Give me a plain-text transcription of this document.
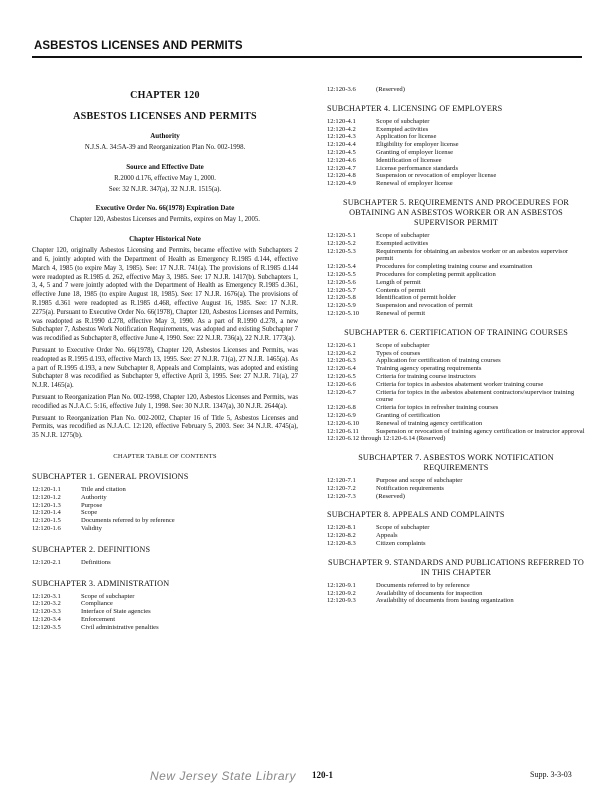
ASBESTOS LICENSES AND PERMITS
CHAPTER 120
ASBESTOS LICENSES AND PERMITS
Authority
N.J.S.A. 34:5A-39 and Reorganization Plan No. 002-1998.
Source and Effective Date
R.2000 d.176, effective May 1, 2000.
See: 32 N.J.R. 347(a), 32 N.J.R. 1515(a).
Executive Order No. 66(1978) Expiration Date
Chapter 120, Asbestos Licenses and Permits, expires on May 1, 2005.
Chapter Historical Note
Chapter 120, originally Asbestos Licensing and Permits, became effective with Subchapters 2 and 6, jointly adopted with the Department of Health as Emergency R.1985 d.144, effective March 4, 1985 (to expire May 3, 1985). See: 17 N.J.R. 741(a). The provisions of R.1985 d.144 were readopted as R.1985 d. 262, effective May 3, 1985. See: 17 N.J.R. 1417(b). Subchapters 1, 3, 4, 5 and 7 were jointly adopted with the Department of Health as Emergency R.1985 d.361, effective June 18, 1985 (to expire August 18, 1985). See: 17 N.J.R. 1676(a). The provisions of R.1985 d.361 were readopted as R.1985 d.468, effective August 16, 1985. See: 17 N.J.R. 2275(a). Pursuant to Executive Order No. 66(1978), Chapter 120, Asbestos Licenses and Permits, was readopted as R.1990 d.278, effective May 3, 1990. As a part of R.1990 d.278, a new Subchapter 7, Asbestos Work Notification Requirements, was adopted and existing Subchapter 7 was recodified as Subchapter 8, effective June 4, 1990. See: 22 N.J.R. 736(a), 22 N.J.R. 1773(a).
Pursuant to Executive Order No. 66(1978), Chapter 120, Asbestos Licenses and Permits, was readopted as R.1995 d.193, effective March 13, 1995. See: 27 N.J.R. 71(a), 27 N.J.R. 1465(a). As a part of R.1995 d.193, a new Subchapter 8, Appeals and Complaints, was adopted and existing Subchapter 8 was recodified as Subchapter 9, effective April 3, 1995. See: 27 N.J.R. 71(a), 27 N.J.R. 1465(a).
Pursuant to Reorganization Plan No. 002-1998, Chapter 120, Asbestos Licenses and Permits, was recodified as N.J.A.C. 5:16, effective July 1, 1998. See: 30 N.J.R. 1347(a), 30 N.J.R. 2644(a).
Pursuant to Reorganization Plan No. 002-2002, Chapter 16 of Title 5, Asbestos Licenses and Permits, was recodified as N.J.A.C. 12:120, effective February 5, 2003. See: 34 N.J.R. 4745(a), 35 N.J.R. 1275(b).
CHAPTER TABLE OF CONTENTS
SUBCHAPTER 1. GENERAL PROVISIONS
12:120-1.1	Title and citation
12:120-1.2	Authority
12:120-1.3	Purpose
12:120-1.4	Scope
12:120-1.5	Documents referred to by reference
12:120-1.6	Validity
SUBCHAPTER 2. DEFINITIONS
12:120-2.1	Definitions
SUBCHAPTER 3. ADMINISTRATION
12:120-3.1	Scope of subchapter
12:120-3.2	Compliance
12:120-3.3	Interface of State agencies
12:120-3.4	Enforcement
12:120-3.5	Civil administrative penalties
12:120-3.6	(Reserved)
SUBCHAPTER 4. LICENSING OF EMPLOYERS
12:120-4.1	Scope of subchapter
12:120-4.2	Exempted activities
12:120-4.3	Application for license
12:120-4.4	Eligibility for employer license
12:120-4.5	Granting of employer license
12:120-4.6	Identification of licensee
12:120-4.7	License performance standards
12:120-4.8	Suspension or revocation of employer license
12:120-4.9	Renewal of employer license
SUBCHAPTER 5. REQUIREMENTS AND PROCEDURES FOR OBTAINING AN ASBESTOS WORKER OR AN ASBESTOS SUPERVISOR PERMIT
12:120-5.1	Scope of subchapter
12:120-5.2	Exempted activities
12:120-5.3	Requirements for obtaining an asbestos worker or an asbestos supervisor permit
12:120-5.4	Procedures for completing training course and examination
12:120-5.5	Procedures for completing permit application
12:120-5.6	Length of permit
12:120-5.7	Contents of permit
12:120-5.8	Identification of permit holder
12:120-5.9	Suspension and revocation of permit
12:120-5.10	Renewal of permit
SUBCHAPTER 6. CERTIFICATION OF TRAINING COURSES
12:120-6.1	Scope of subchapter
12:120-6.2	Types of courses
12:120-6.3	Application for certification of training courses
12:120-6.4	Training agency operating requirements
12:120-6.5	Criteria for training course instructors
12:120-6.6	Criteria for topics in asbestos abatement worker training course
12:120-6.7	Criteria for topics in the asbestos abatement contractors/supervisor training course
12:120-6.8	Criteria for topics in refresher training courses
12:120-6.9	Granting of certification
12:120-6.10	Renewal of training agency certification
12:120-6.11	Suspension or revocation of training agency certification or instructor approval
12:120-6.12 through 12:120-6.14 (Reserved)
SUBCHAPTER 7. ASBESTOS WORK NOTIFICATION REQUIREMENTS
12:120-7.1	Purpose and scope of subchapter
12:120-7.2	Notification requirements
12:120-7.3	(Reserved)
SUBCHAPTER 8. APPEALS AND COMPLAINTS
12:120-8.1	Scope of subchapter
12:120-8.2	Appeals
12:120-8.3	Citizen complaints
SUBCHAPTER 9. STANDARDS AND PUBLICATIONS REFERRED TO IN THIS CHAPTER
12:120-9.1	Documents referred to by reference
12:120-9.2	Availability of documents for inspection
12:120-9.3	Availability of documents from issuing organization
New Jersey State Library 120-1	Supp. 3-3-03
